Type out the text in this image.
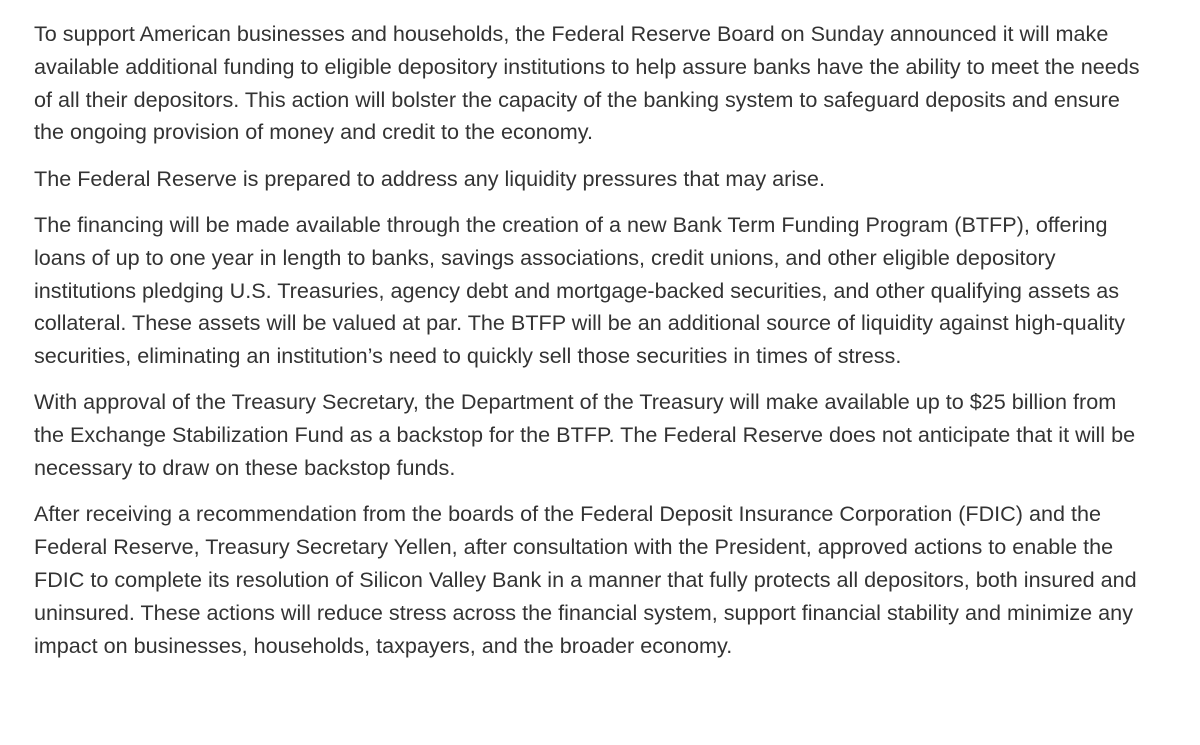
To support American businesses and households, the Federal Reserve Board on Sunday announced it will make available additional funding to eligible depository institutions to help assure banks have the ability to meet the needs of all their depositors. This action will bolster the capacity of the banking system to safeguard deposits and ensure the ongoing provision of money and credit to the economy.

The Federal Reserve is prepared to address any liquidity pressures that may arise.

The financing will be made available through the creation of a new Bank Term Funding Program (BTFP), offering loans of up to one year in length to banks, savings associations, credit unions, and other eligible depository institutions pledging U.S. Treasuries, agency debt and mortgage-backed securities, and other qualifying assets as collateral. These assets will be valued at par. The BTFP will be an additional source of liquidity against high-quality securities, eliminating an institution’s need to quickly sell those securities in times of stress.

With approval of the Treasury Secretary, the Department of the Treasury will make available up to $25 billion from the Exchange Stabilization Fund as a backstop for the BTFP. The Federal Reserve does not anticipate that it will be necessary to draw on these backstop funds.

After receiving a recommendation from the boards of the Federal Deposit Insurance Corporation (FDIC) and the Federal Reserve, Treasury Secretary Yellen, after consultation with the President, approved actions to enable the FDIC to complete its resolution of Silicon Valley Bank in a manner that fully protects all depositors, both insured and uninsured. These actions will reduce stress across the financial system, support financial stability and minimize any impact on businesses, households, taxpayers, and the broader economy.
